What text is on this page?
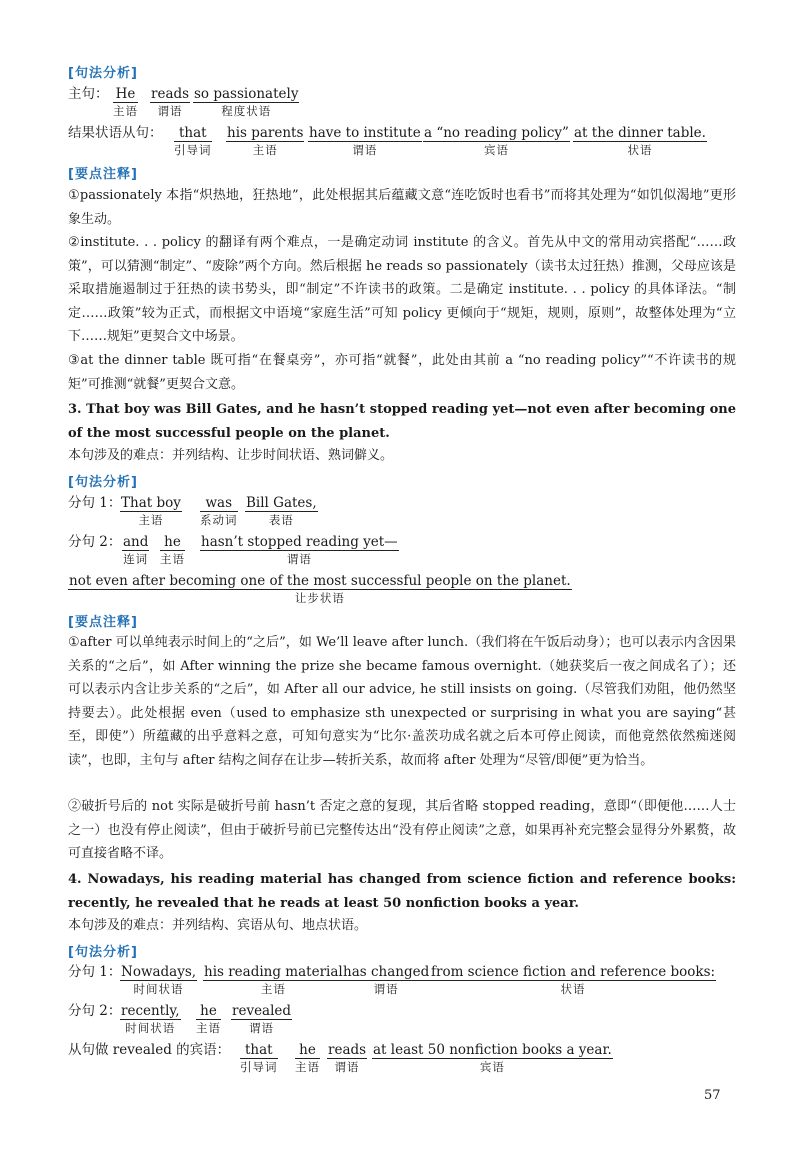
[句法分析]
主句： He
主语
reads
谓语
so passionately
程度状语
结果状语从句：	that
引导词
his parents
主语
have to institute
谓语
a “no reading policy”
宾语
at the dinner table.
状语
[要点注释]
①passionately 本指“炽热地，狂热地”，此处根据其后蕴藏文意“连吃饭时也看书”而将其处理为“如饥似渴地”更形象生动。
②institute. . . policy 的翻译有两个难点，一是确定动词 institute 的含义。首先从中文的常用动宾搭配“……政策”，可以猜测“制定”、“废除”两个方向。然后根据 he reads so passionately（读书太过狂热）推测，父母应该是采取措施遏制过于狂热的读书势头，即“制定”不许读书的政策。二是确定 institute. . . policy 的具体译法。“制定……政策”较为正式，而根据文中语境“家庭生活”可知 policy 更倾向于“规矩，规则，原则”，故整体处理为“立下……规矩”更契合文中场景。
③at the dinner table 既可指“在餐桌旁”，亦可指“就餐”，此处由其前 a “no reading policy”“不许读书的规矩”可推测“就餐”更契合文意。
3. That boy was Bill Gates, and he hasn’t stopped reading yet—not even after becoming one of the most successful people on the planet.
本句涉及的难点：并列结构、让步时间状语、熟词僻义。
[句法分析]
分句 1： That boy
主语
was
系动词
Bill Gates,
表语
分句 2： and
连词
he
主语
hasn’t stopped reading yet—
谓语
not even after becoming one of the most successful people on the planet.
让步状语
[要点注释]
①after 可以单纯表示时间上的“之后”，如 We’ll leave after lunch.（我们将在午饭后动身）；也可以表示内含因果关系的“之后”，如 After winning the prize she became famous overnight.（她获奖后一夜之间成名了）；还可以表示内含让步关系的“之后”，如 After all our advice, he still insists on going.（尽管我们劝阻，他仍然坚持要去）。此处根据 even（used to emphasize sth unexpected or surprising in what you are saying“甚至，即使”）所蕴藏的出乎意料之意，可知句意实为“比尔·盖茨功成名就之后本可停止阅读，而他竟然依然痴迷阅读”，也即，主句与 after 结构之间存在让步—转折关系，故而将 after 处理为“尽管/即便”更为恰当。
②破折号后的 not 实际是破折号前 hasn’t 否定之意的复现，其后省略 stopped reading，意即“（即便他……人士之一）也没有停止阅读”，但由于破折号前已完整传达出“没有停止阅读”之意，如果再补充完整会显得分外累赘，故可直接省略不译。
4. Nowadays, his reading material has changed from science fiction and reference books: recently, he revealed that he reads at least 50 nonfiction books a year.
本句涉及的难点：并列结构、宾语从句、地点状语。
[句法分析]
分句 1： Nowadays,
时间状语
his reading material
主语
has changed
谓语
from science fiction and reference books:
状语
分句 2： recently,
时间状语
he
主语
revealed
谓语
从句做 revealed 的宾语：	that
引导词
he
主语
reads
谓语
at least 50 nonfiction books a year.
宾语
57
